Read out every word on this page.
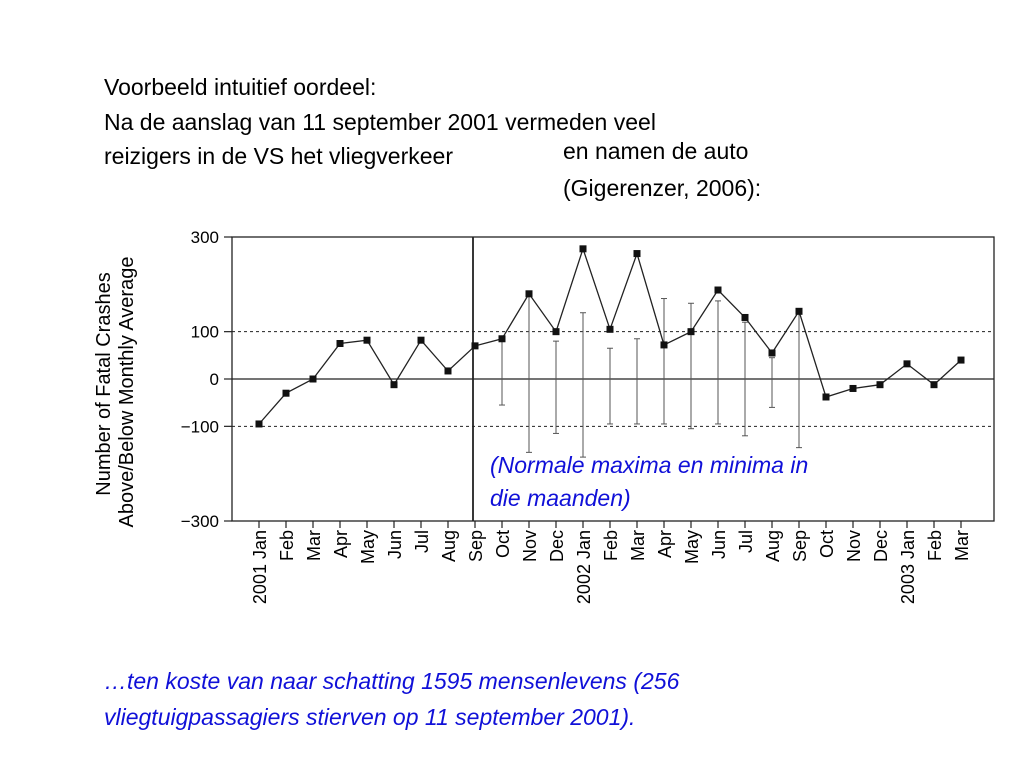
Voorbeeld intuitief oordeel:
Na de aanslag van 11 september 2001 vermeden veel
reizigers in de VS het vliegverkeer	en namen de auto
(Gigerenzer, 2006):
300
100
0
−100
−300
2001 Jan Feb Mar Apr May Jun Jul Aug Sep Oct Nov Dec 2002 Jan Feb Mar Apr May Jun Jul Aug Sep Oct Nov Dec 2003 Jan Feb Mar
Number of Fatal Crashes Above/Below Monthly Average	(Normale maxima en minima in
die maanden)
…ten koste van naar schatting 1595 mensenlevens (256
vliegtuigpassagiers stierven op 11 september 2001).
